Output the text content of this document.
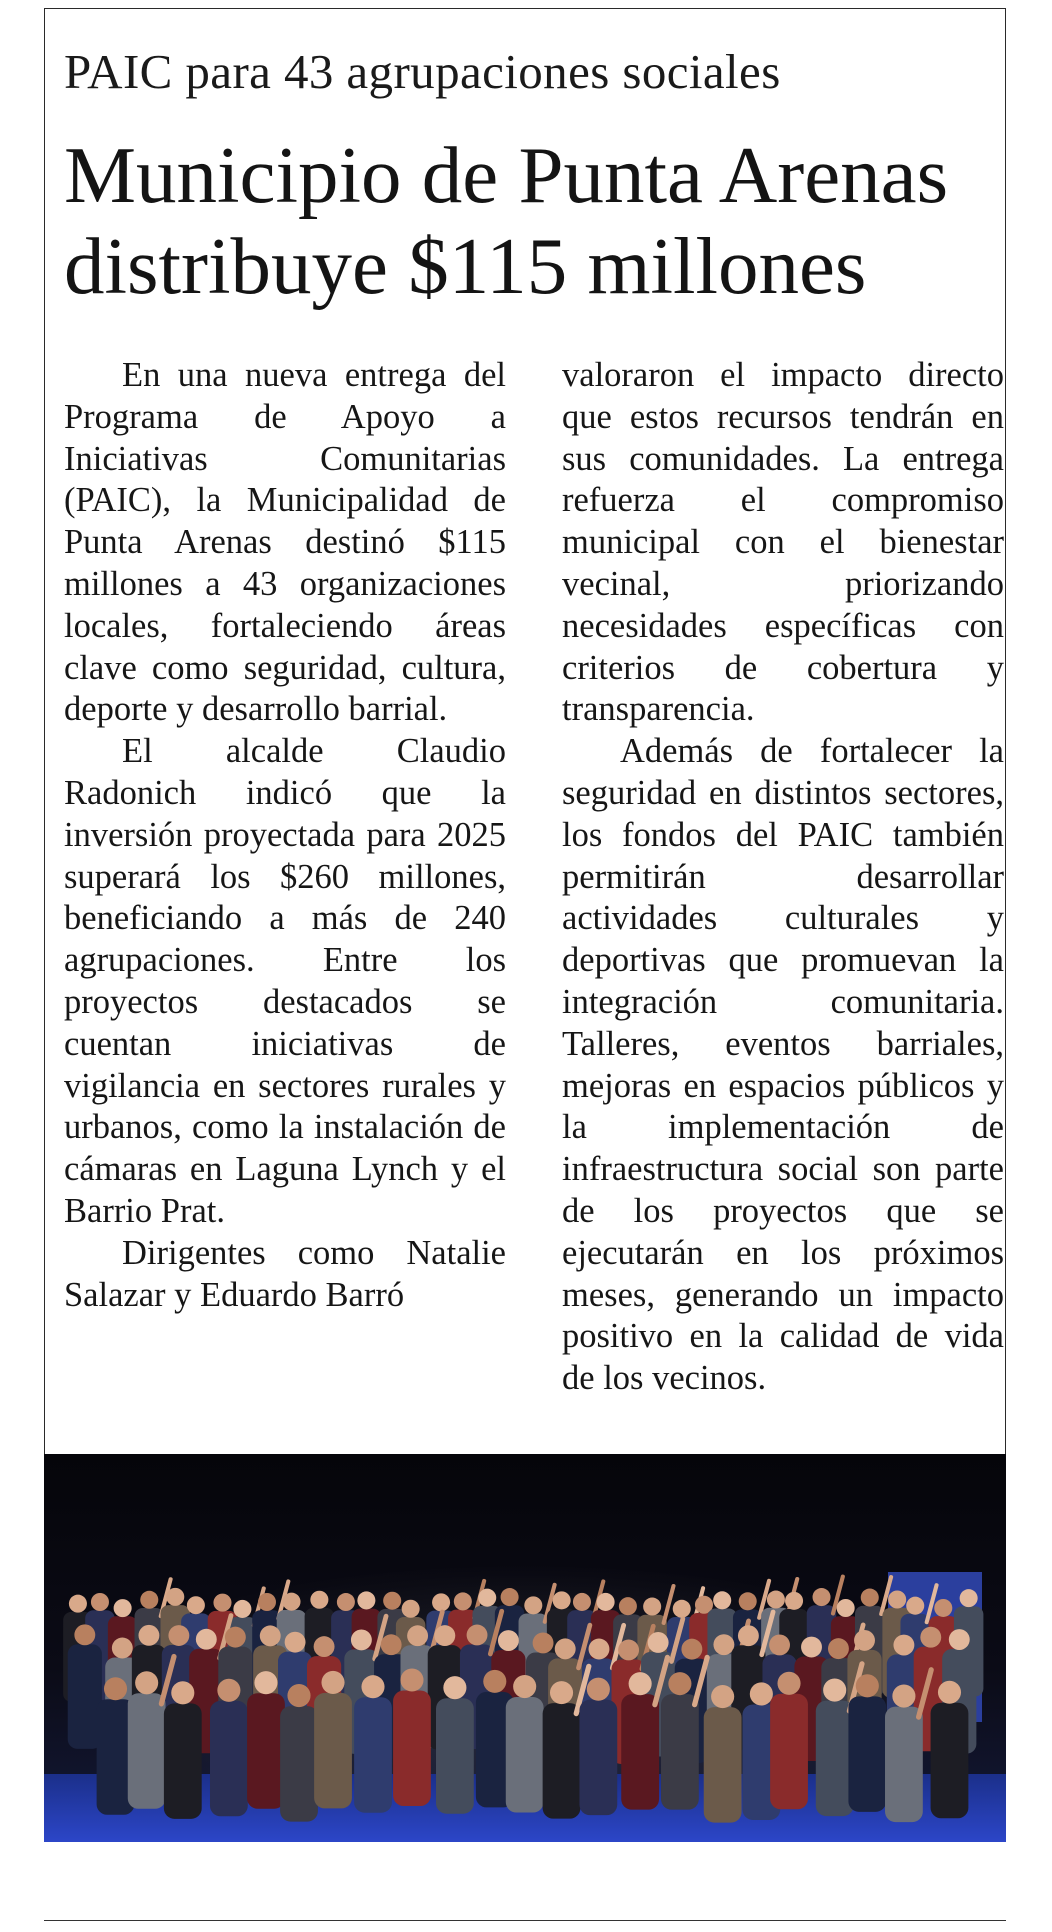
PAIC para 43 agrupaciones sociales
Municipio de Punta Arenas
distribuye $115 millones

En una nueva entrega del Programa de Apoyo a Iniciativas Comunitarias (PAIC), la Municipalidad de Punta Arenas destinó $115 millones a 43 organizaciones locales, fortaleciendo áreas clave como seguridad, cultura, deporte y desarrollo barrial.

El alcalde Claudio Radonich indicó que la inversión proyectada para 2025 superará los $260 millones, beneficiando a más de 240 agrupaciones. Entre los proyectos destacados se cuentan iniciativas de vigilancia en sectores rurales y urbanos, como la instalación de cámaras en Laguna Lynch y el Barrio Prat.

Dirigentes como Natalie Salazar y Eduardo Barró

valoraron el impacto directo que estos recursos tendrán en sus comunidades. La entrega refuerza el compromiso municipal con el bienestar vecinal, priorizando necesidades específicas con criterios de cobertura y transparencia.

Además de fortalecer la seguridad en distintos sectores, los fondos del PAIC también permitirán desarrollar actividades culturales y deportivas que promuevan la integración comunitaria. Talleres, eventos barriales, mejoras en espacios públicos y la implementación de infraestructura social son parte de los proyectos que se ejecutarán en los próximos meses, generando un impacto positivo en la calidad de vida de los vecinos.
